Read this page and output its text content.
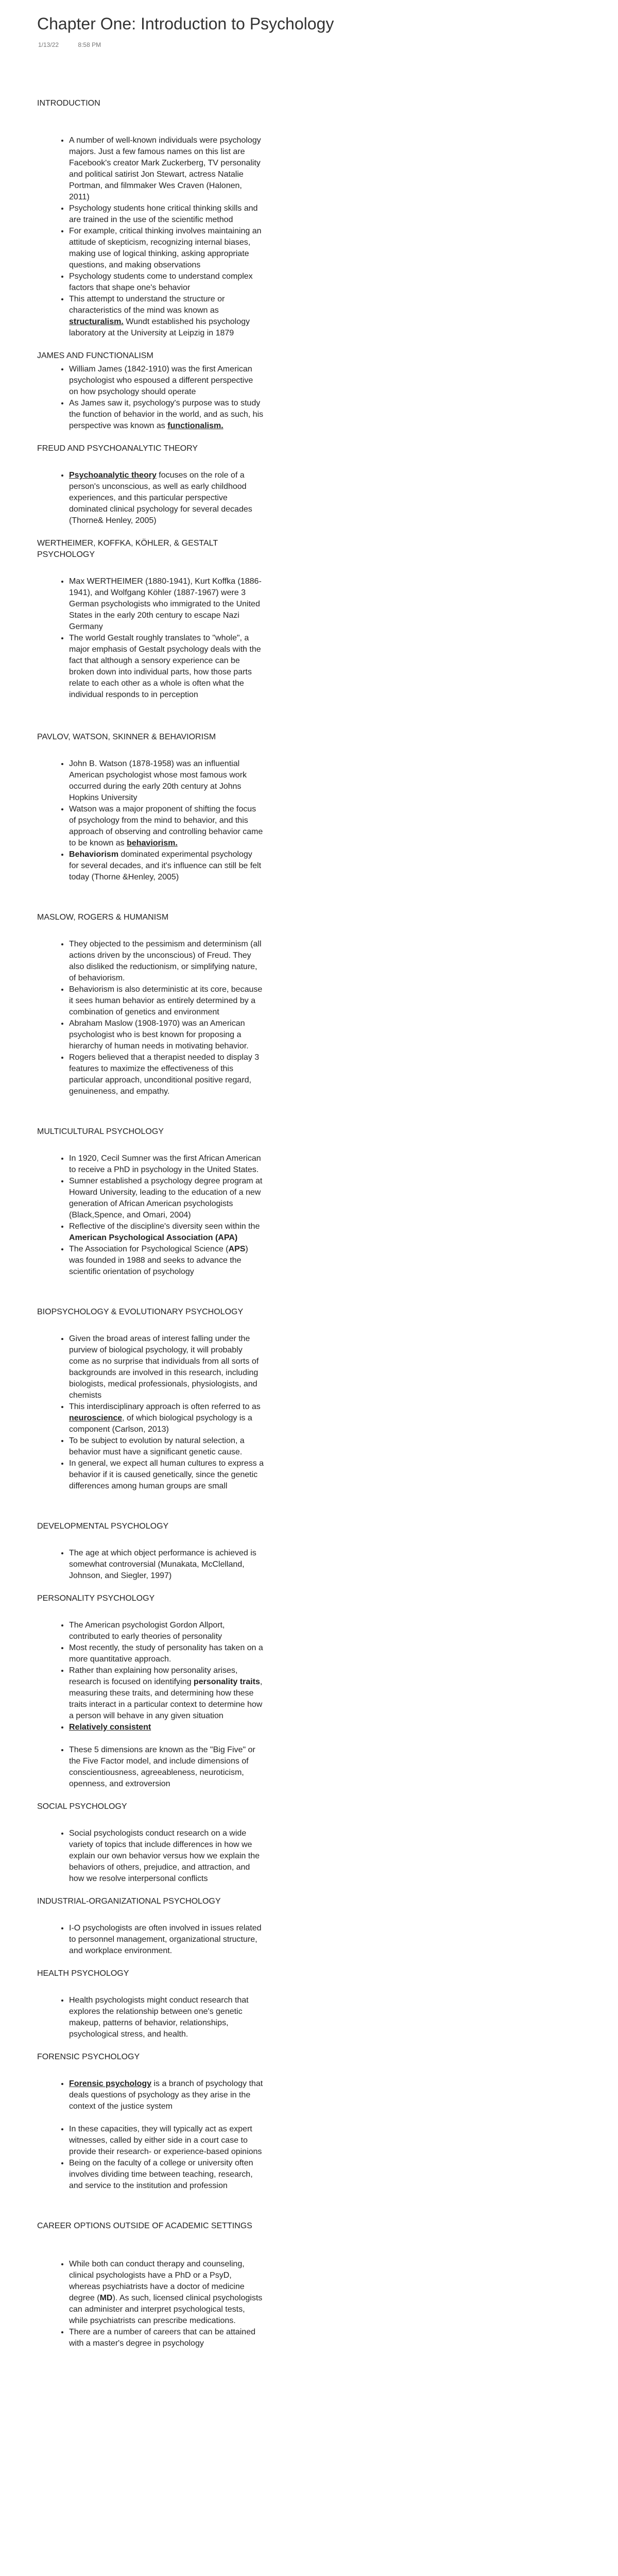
Chapter One: Introduction to Psychology
1/13/22	8:58 PM

INTRODUCTION

• A number of well-known individuals were psychology majors. Just a few famous names on this list are Facebook's creator Mark Zuckerberg, TV personality and political satirist Jon Stewart, actress Natalie Portman, and filmmaker Wes Craven (Halonen, 2011)
• Psychology students hone critical thinking skills and are trained in the use of the scientific method
• For example, critical thinking involves maintaining an attitude of skepticism, recognizing internal biases, making use of logical thinking, asking appropriate questions, and making observations
• Psychology students come to understand complex factors that shape one's behavior
• This attempt to understand the structure or characteristics of the mind was known as structuralism. Wundt established his psychology laboratory at the University at Leipzig in 1879

JAMES AND FUNCTIONALISM

• William James (1842-1910) was the first American psychologist who espoused a different perspective on how psychology should operate
• As James saw it, psychology's purpose was to study the function of behavior in the world, and as such, his perspective was known as functionalism.

FREUD AND PSYCHOANALYTIC THEORY

• Psychoanalytic theory focuses on the role of a person's unconscious, as well as early childhood experiences, and this particular perspective dominated clinical psychology for several decades (Thorne& Henley, 2005)

WERTHEIMER, KOFFKA, KÖHLER, & GESTALT PSYCHOLOGY

• Max WERTHEIMER (1880-1941), Kurt Koffka (1886-1941), and Wolfgang Köhler (1887-1967) were 3 German psychologists who immigrated to the United States in the early 20th century to escape Nazi Germany
• The world Gestalt roughly translates to "whole", a major emphasis of Gestalt psychology deals with the fact that although a sensory experience can be broken down into individual parts, how those parts relate to each other as a whole is often what the individual responds to in perception

PAVLOV, WATSON, SKINNER & BEHAVIORISM

• John B. Watson (1878-1958) was an influential American psychologist whose most famous work occurred during the early 20th century at Johns Hopkins University
• Watson was a major proponent of shifting the focus of psychology from the mind to behavior, and this approach of observing and controlling behavior came to be known as behaviorism.
• Behaviorism dominated experimental psychology for several decades, and it's influence can still be felt today (Thorne &Henley, 2005)

MASLOW, ROGERS & HUMANISM

• They objected to the pessimism and determinism (all actions driven by the unconscious) of Freud. They also disliked the reductionism, or simplifying nature, of behaviorism.
• Behaviorism is also deterministic at its core, because it sees human behavior as entirely determined by a combination of genetics and environment
• Abraham Maslow (1908-1970) was an American psychologist who is best known for proposing a hierarchy of human needs in motivating behavior.
• Rogers believed that a therapist needed to display 3 features to maximize the effectiveness of this particular approach, unconditional positive regard, genuineness, and empathy.

MULTICULTURAL PSYCHOLOGY

• In 1920, Cecil Sumner was the first African American to receive a PhD in psychology in the United States.
• Sumner established a psychology degree program at Howard University, leading to the education of a new generation of African American psychologists (Black,Spence, and Omari, 2004)
• Reflective of the discipline's diversity seen within the American Psychological Association (APA)
• The Association for Psychological Science (APS) was founded in 1988 and seeks to advance the scientific orientation of psychology

BIOPSYCHOLOGY & EVOLUTIONARY PSYCHOLOGY

• Given the broad areas of interest falling under the purview of biological psychology, it will probably come as no surprise that individuals from all sorts of backgrounds are involved in this research, including biologists, medical professionals, physiologists, and chemists
• This interdisciplinary approach is often referred to as neuroscience, of which biological psychology is a component (Carlson, 2013)
• To be subject to evolution by natural selection, a behavior must have a significant genetic cause.
• In general, we expect all human cultures to express a behavior if it is caused genetically, since the genetic differences among human groups are small

DEVELOPMENTAL PSYCHOLOGY

• The age at which object performance is achieved is somewhat controversial (Munakata, McClelland, Johnson, and Siegler, 1997)

PERSONALITY PSYCHOLOGY

• The American psychologist Gordon Allport, contributed to early theories of personality
• Most recently, the study of personality has taken on a more quantitative approach.
• Rather than explaining how personality arises, research is focused on identifying personality traits, measuring these traits, and determining how these traits interact in a particular context to determine how a person will behave in any given situation
• Relatively consistent
• These 5 dimensions are known as the "Big Five" or the Five Factor model, and include dimensions of conscientiousness, agreeableness, neuroticism, openness, and extroversion

SOCIAL PSYCHOLOGY

• Social psychologists conduct research on a wide variety of topics that include differences in how we explain our own behavior versus how we explain the behaviors of others, prejudice, and attraction, and how we resolve interpersonal conflicts

INDUSTRIAL-ORGANIZATIONAL PSYCHOLOGY

• I-O psychologists are often involved in issues related to personnel management, organizational structure, and workplace environment.

HEALTH PSYCHOLOGY

• Health psychologists might conduct research that explores the relationship between one's genetic makeup, patterns of behavior, relationships, psychological stress, and health.

FORENSIC PSYCHOLOGY

• Forensic psychology is a branch of psychology that deals questions of psychology as they arise in the context of the justice system
• In these capacities, they will typically act as expert witnesses, called by either side in a court case to provide their research- or experience-based opinions
• Being on the faculty of a college or university often involves dividing time between teaching, research, and service to the institution and profession

CAREER OPTIONS OUTSIDE OF ACADEMIC SETTINGS

• While both can conduct therapy and counseling, clinical psychologists have a PhD or a PsyD, whereas psychiatrists have a doctor of medicine degree (MD). As such, licensed clinical psychologists can administer and interpret psychological tests, while psychiatrists can prescribe medications.
• There are a number of careers that can be attained with a master's degree in psychology
